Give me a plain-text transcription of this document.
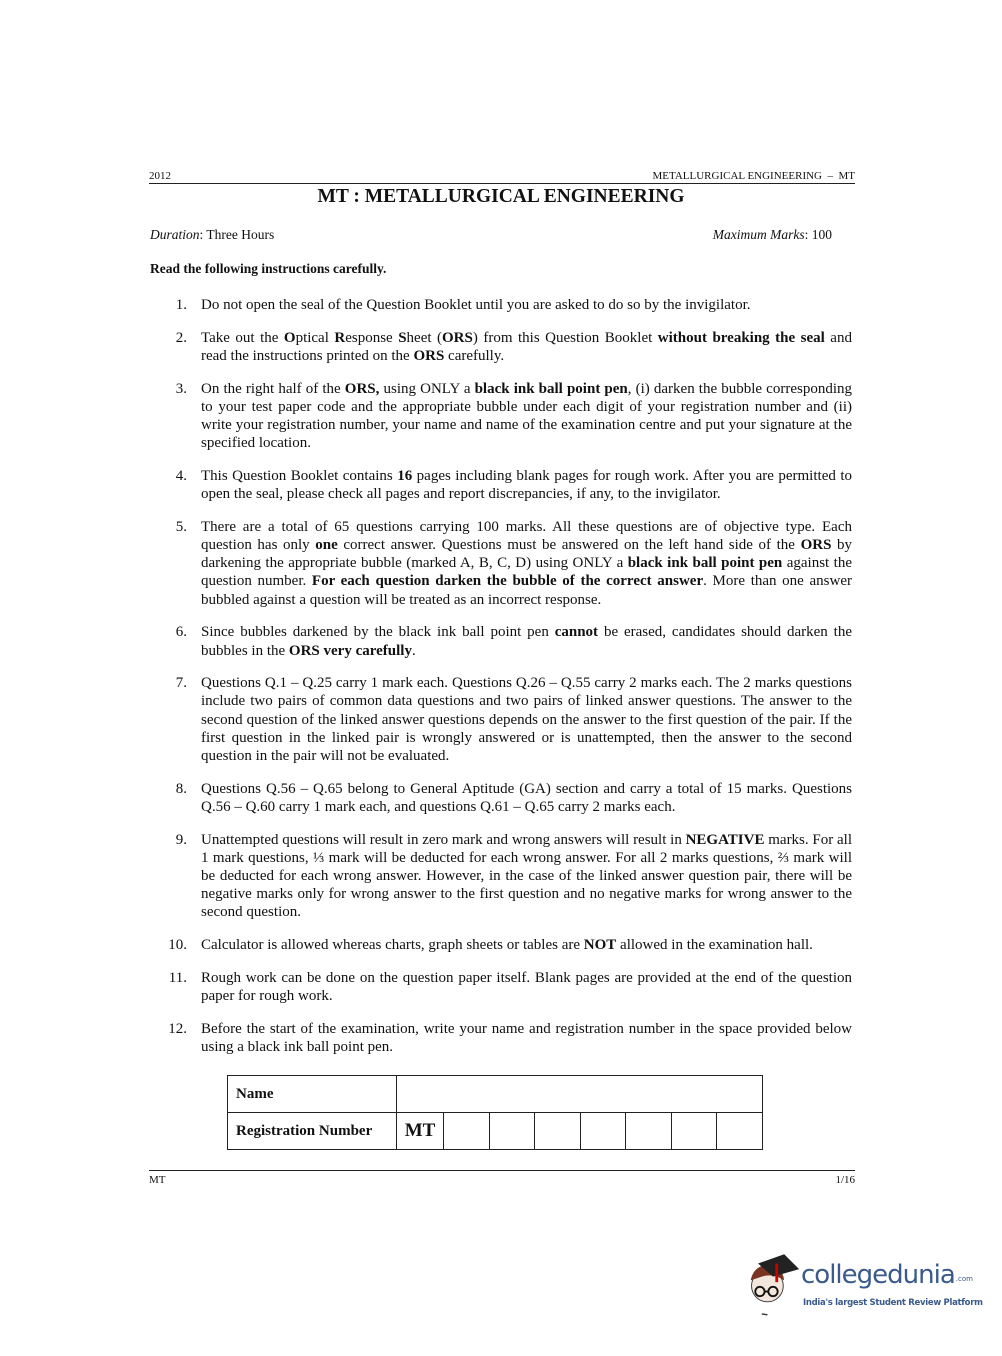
2012	METALLURGICAL ENGINEERING  –  MT
MT : METALLURGICAL ENGINEERING
Duration: Three Hours	Maximum Marks: 100
Read the following instructions carefully.
1. Do not open the seal of the Question Booklet until you are asked to do so by the invigilator.
2. Take out the Optical Response Sheet (ORS) from this Question Booklet without breaking the seal and read the instructions printed on the ORS carefully.
3. On the right half of the ORS, using ONLY a black ink ball point pen, (i) darken the bubble corresponding to your test paper code and the appropriate bubble under each digit of your registration number and (ii) write your registration number, your name and name of the examination centre and put your signature at the specified location.
4. This Question Booklet contains 16 pages including blank pages for rough work. After you are permitted to open the seal, please check all pages and report discrepancies, if any, to the invigilator.
5. There are a total of 65 questions carrying 100 marks. All these questions are of objective type. Each question has only one correct answer. Questions must be answered on the left hand side of the ORS by darkening the appropriate bubble (marked A, B, C, D) using ONLY a black ink ball point pen against the question number. For each question darken the bubble of the correct answer. More than one answer bubbled against a question will be treated as an incorrect response.
6. Since bubbles darkened by the black ink ball point pen cannot be erased, candidates should darken the bubbles in the ORS very carefully.
7. Questions Q.1 – Q.25 carry 1 mark each. Questions Q.26 – Q.55 carry 2 marks each. The 2 marks questions include two pairs of common data questions and two pairs of linked answer questions. The answer to the second question of the linked answer questions depends on the answer to the first question of the pair. If the first question in the linked pair is wrongly answered or is unattempted, then the answer to the second question in the pair will not be evaluated.
8. Questions Q.56 – Q.65 belong to General Aptitude (GA) section and carry a total of 15 marks. Questions Q.56 – Q.60 carry 1 mark each, and questions Q.61 – Q.65 carry 2 marks each.
9. Unattempted questions will result in zero mark and wrong answers will result in NEGATIVE marks. For all 1 mark questions, ⅓ mark will be deducted for each wrong answer. For all 2 marks questions, ⅔ mark will be deducted for each wrong answer. However, in the case of the linked answer question pair, there will be negative marks only for wrong answer to the first question and no negative marks for wrong answer to the second question.
10. Calculator is allowed whereas charts, graph sheets or tables are NOT allowed in the examination hall.
11. Rough work can be done on the question paper itself. Blank pages are provided at the end of the question paper for rough work.
12. Before the start of the examination, write your name and registration number in the space provided below using a black ink ball point pen.
Name								
Registration Number	MT							
MT	1/16
collegedunia .com
India's largest Student Review Platform
